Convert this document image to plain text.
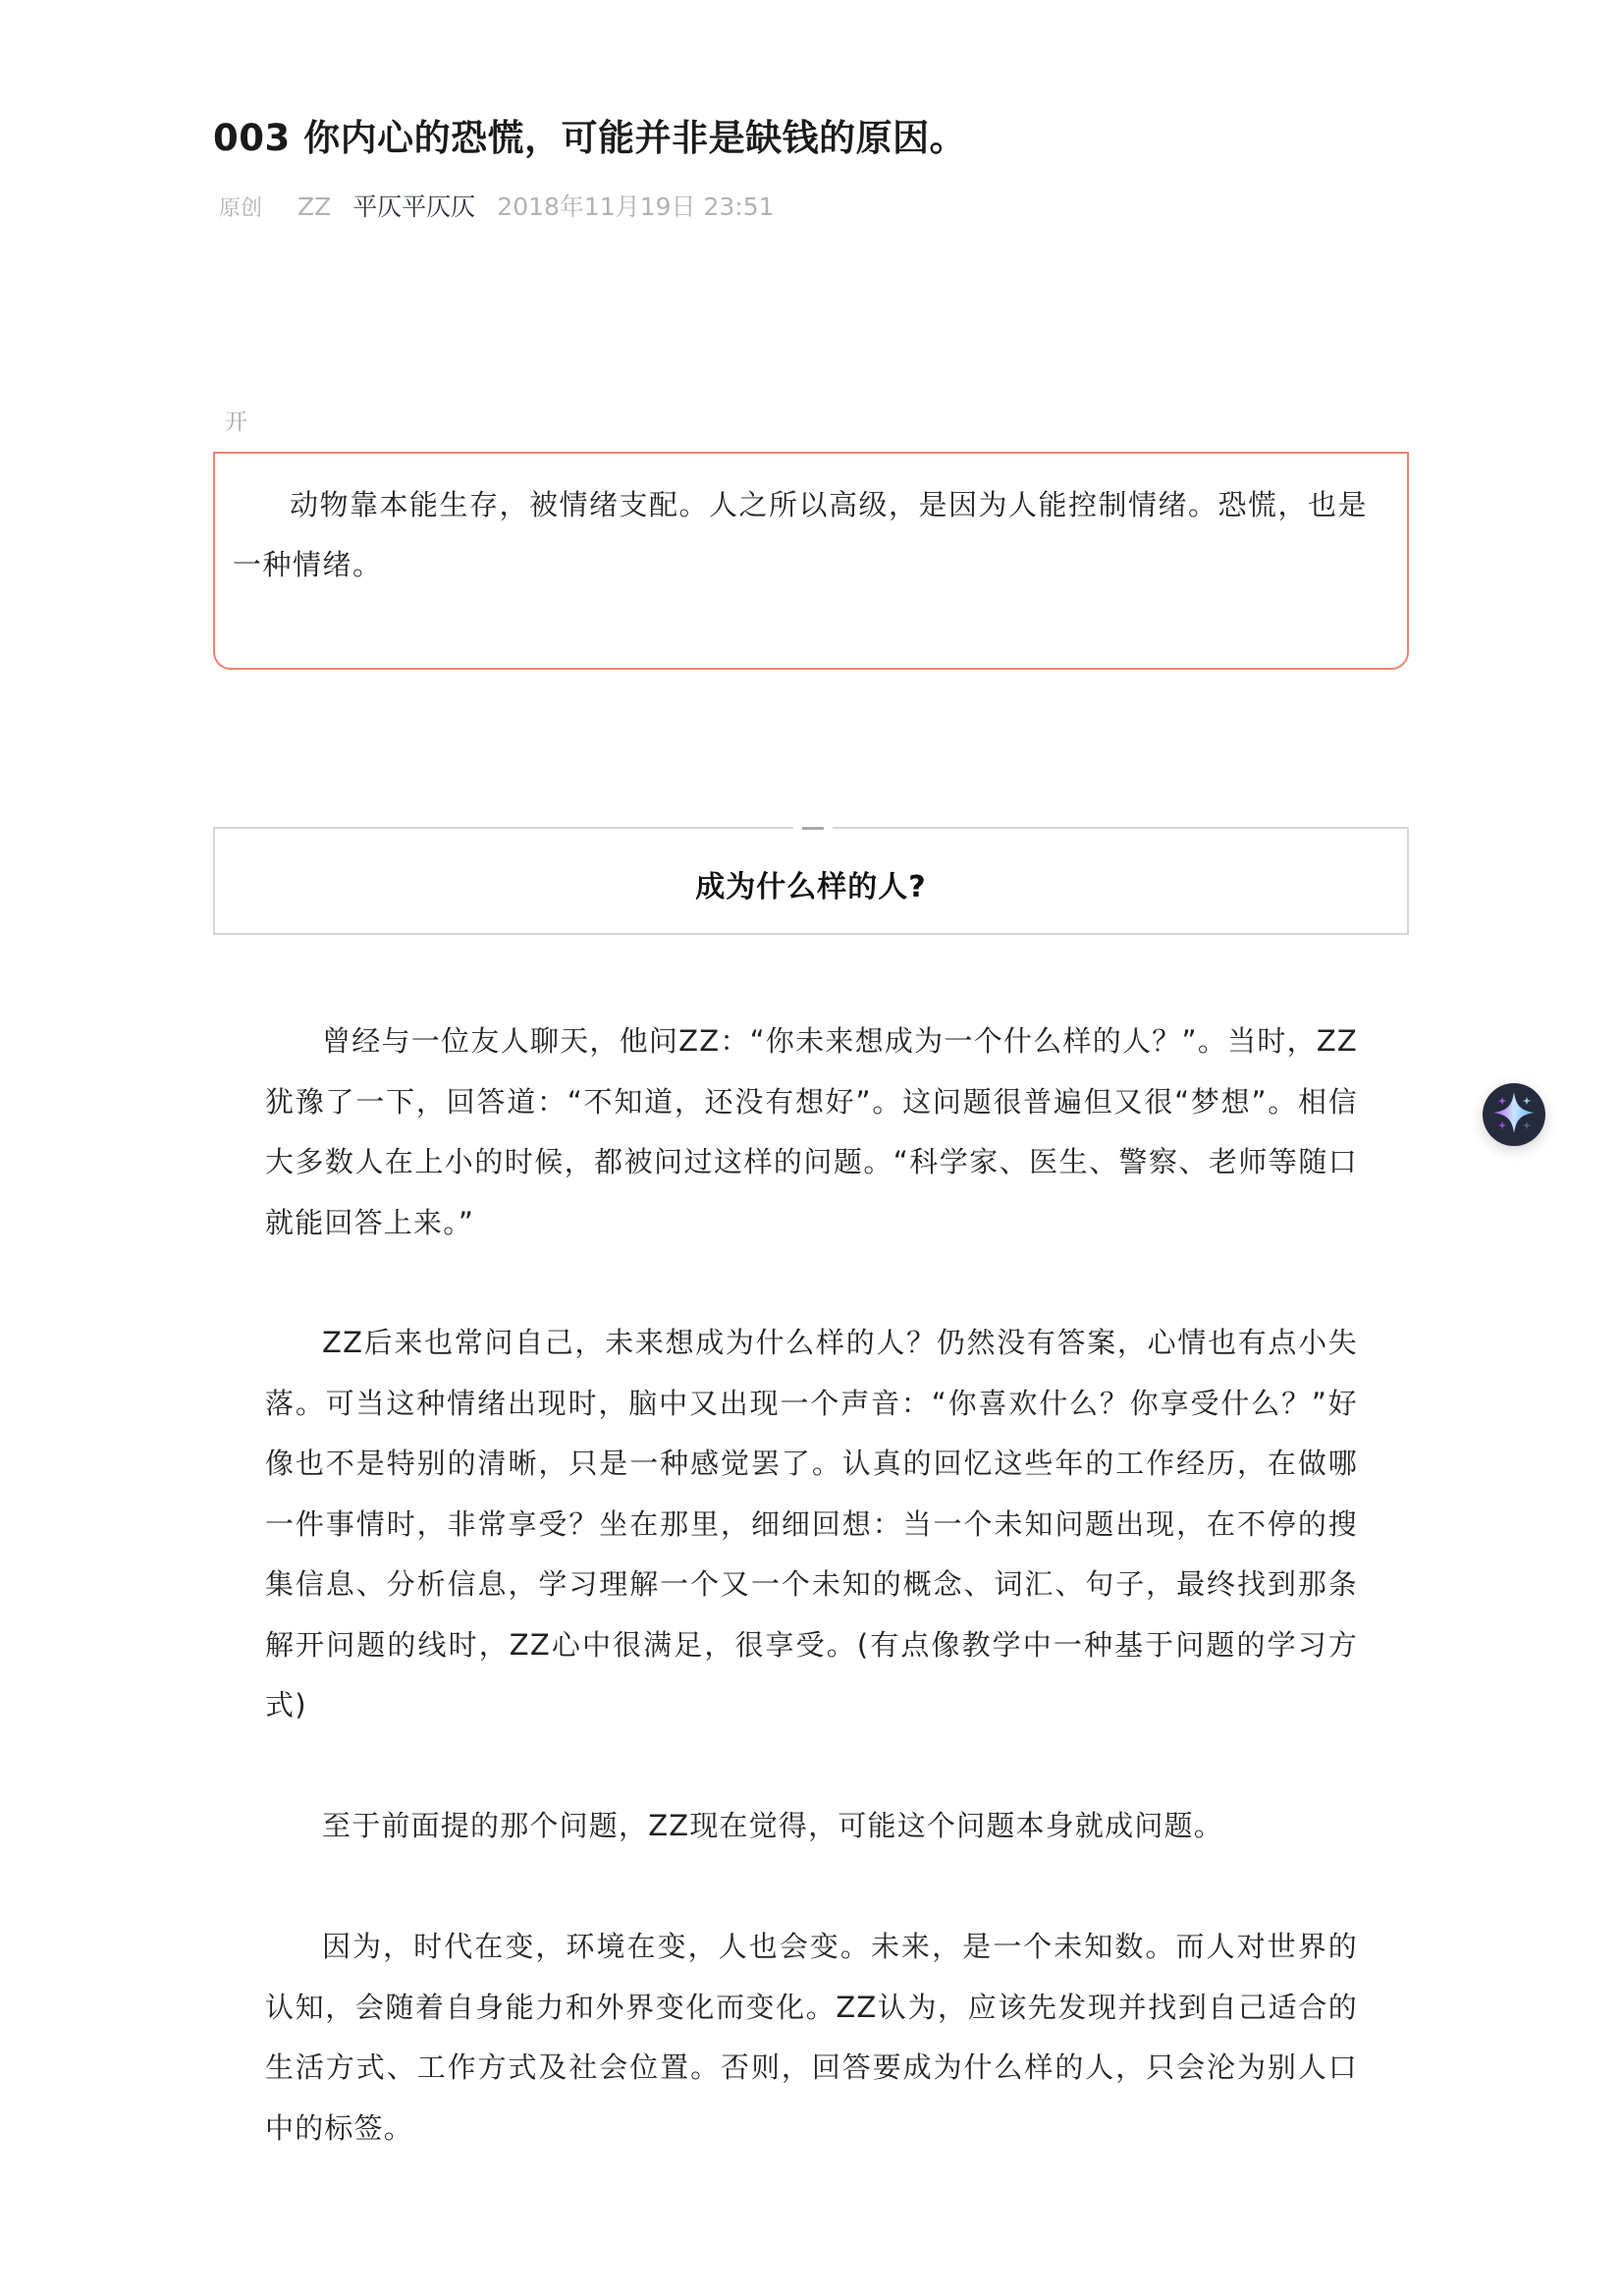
003 你内心的恐慌，可能并非是缺钱的原因。
原创 ZZ 平仄平仄仄 2018年11月19日 23:51
开

动物靠本能生存，被情绪支配。人之所以高级，是因为人能控制情绪。恐慌，也是一种情绪。

成为什么样的人?

曾经与一位友人聊天，他问ZZ：“你未来想成为一个什么样的人？”。当时，ZZ犹豫了一下，回答道：“不知道，还没有想好”。这问题很普遍但又很“梦想”。相信大多数人在上小的时候，都被问过这样的问题。“科学家、医生、警察、老师等随口就能回答上来。”

ZZ后来也常问自己，未来想成为什么样的人？仍然没有答案，心情也有点小失落。可当这种情绪出现时，脑中又出现一个声音：“你喜欢什么？你享受什么？”好像也不是特别的清晰，只是一种感觉罢了。认真的回忆这些年的工作经历，在做哪一件事情时，非常享受？坐在那里，细细回想：当一个未知问题出现，在不停的搜集信息、分析信息，学习理解一个又一个未知的概念、词汇、句子，最终找到那条解开问题的线时，ZZ心中很满足，很享受。(有点像教学中一种基于问题的学习方式)

至于前面提的那个问题，ZZ现在觉得，可能这个问题本身就成问题。

因为，时代在变，环境在变，人也会变。未来，是一个未知数。而人对世界的认知，会随着自身能力和外界变化而变化。ZZ认为，应该先发现并找到自己适合的生活方式、工作方式及社会位置。否则，回答要成为什么样的人，只会沦为别人口中的标签。
